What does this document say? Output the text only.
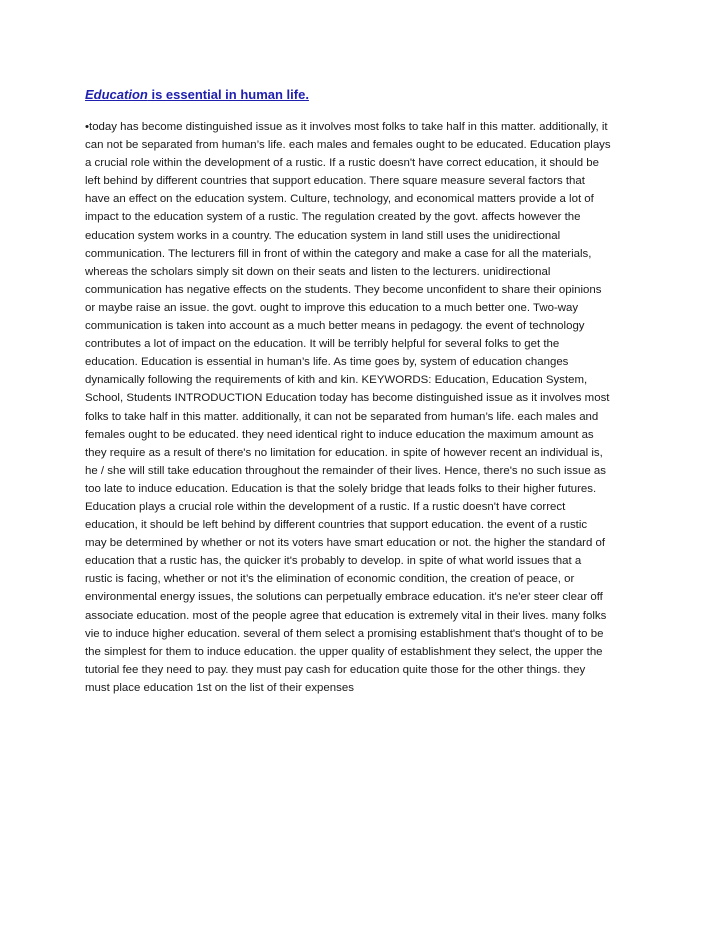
Education is essential in human life.
•today has become distinguished issue as it involves most folks to take half in this matter. additionally, it
can not be separated from human’s life. each males and females ought to be educated. Education plays
a crucial role within the development of a rustic. If a rustic doesn't have correct education, it should be
left behind by different countries that support education. There square measure several factors that
have an effect on the education system. Culture, technology, and economical matters provide a lot of
impact to the education system of a rustic. The regulation created by the govt. affects however the
education system works in a country. The education system in land still uses the unidirectional
communication. The lecturers fill in front of within the category and make a case for all the materials,
whereas the scholars simply sit down on their seats and listen to the lecturers. unidirectional
communication has negative effects on the students. They become unconfident to share their opinions
or maybe raise an issue. the govt. ought to improve this education to a much better one. Two-way
communication is taken into account as a much better means in pedagogy. the event of technology
contributes a lot of impact on the education. It will be terribly helpful for several folks to get the
education. Education is essential in human’s life. As time goes by, system of education changes
dynamically following the requirements of kith and kin. KEYWORDS: Education, Education System,
School, Students INTRODUCTION Education today has become distinguished issue as it involves most
folks to take half in this matter. additionally, it can not be separated from human’s life. each males and
females ought to be educated. they need identical right to induce education the maximum amount as
they require as a result of there's no limitation for education. in spite of however recent an individual is,
he / she will still take education throughout the remainder of their lives. Hence, there's no such issue as
too late to induce education. Education is that the solely bridge that leads folks to their higher futures.
Education plays a crucial role within the development of a rustic. If a rustic doesn't have correct
education, it should be left behind by different countries that support education. the event of a rustic
may be determined by whether or not its voters have smart education or not. the higher the standard of
education that a rustic has, the quicker it's probably to develop. in spite of what world issues that a
rustic is facing, whether or not it’s the elimination of economic condition, the creation of peace, or
environmental energy issues, the solutions can perpetually embrace education. it's ne'er steer clear off
associate education. most of the people agree that education is extremely vital in their lives. many folks
vie to induce higher education. several of them select a promising establishment that's thought of to be
the simplest for them to induce education. the upper quality of establishment they select, the upper the
tutorial fee they need to pay. they must pay cash for education quite those for the other things. they
must place education 1st on the list of their expenses
